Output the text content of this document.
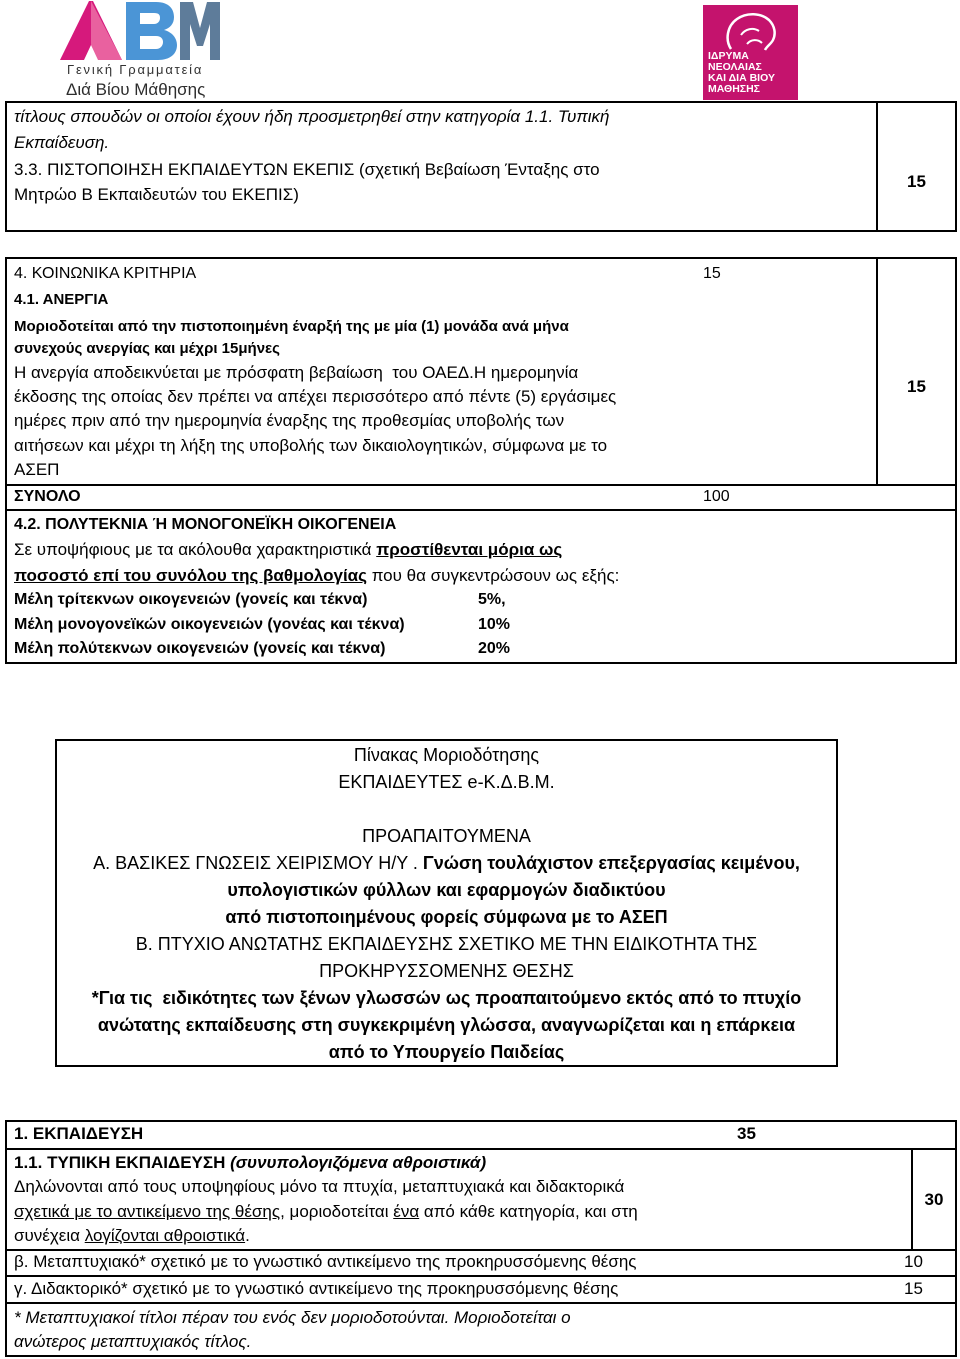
Γενική Γραμματεία
Διά Βίου Μάθησης
ΙΔΡΥΜΑ
ΝΕΟΛΑΙΑΣ
ΚΑΙ ΔΙΑ ΒΙΟΥ
ΜΑΘΗΣΗΣ
τίτλους σπουδών οι οποίοι έχουν ήδη προσμετρηθεί στην κατηγορία 1.1. Τυπική
Εκπαίδευση.
3.3. ΠΙΣΤΟΠΟΙΗΣΗ ΕΚΠΑΙΔΕΥΤΩΝ ΕΚΕΠΙΣ (σχετική Βεβαίωση Ένταξης στο
Μητρώο Β Εκπαιδευτών του ΕΚΕΠΙΣ)
15
4. ΚΟΙΝΩΝΙΚΑ ΚΡΙΤΗΡΙΑ	15
4.1. ΑΝΕΡΓΙΑ
Μοριοδοτείται από την πιστοποιημένη έναρξή της με μία (1) μονάδα ανά μήνα
συνεχούς ανεργίας και μέχρι 15μήνες
Η ανεργία αποδεικνύεται με πρόσφατη βεβαίωση  του ΟΑΕΔ.Η ημερομηνία
έκδοσης της οποίας δεν πρέπει να απέχει περισσότερο από πέντε (5) εργάσιμες
ημέρες πριν από την ημερομηνία έναρξης της προθεσμίας υποβολής των
αιτήσεων και μέχρι τη λήξη της υποβολής των δικαιολογητικών, σύμφωνα με το
ΑΣΕΠ
15
ΣΥΝΟΛΟ	100
4.2. ΠΟΛΥΤΕΚΝΙΑ Ή ΜΟΝΟΓΟΝΕΪΚΗ ΟΙΚΟΓΕΝΕΙΑ
Σε υποψήφιους με τα ακόλουθα χαρακτηριστικά προστίθενται μόρια ως
ποσοστό επί του συνόλου της βαθμολογίας που θα συγκεντρώσουν ως εξής:
Μέλη τρίτεκνων οικογενειών (γονείς και τέκνα)	5%,
Μέλη μονογονεϊκών οικογενειών (γονέας και τέκνα)	10%
Μέλη πολύτεκνων οικογενειών (γονείς και τέκνα)	20%
Πίνακας Μοριοδότησης
ΕΚΠΑΙΔΕΥΤΕΣ e-Κ.Δ.Β.Μ.
ΠΡΟΑΠΑΙΤΟΥΜΕΝΑ
Α. ΒΑΣΙΚΕΣ ΓΝΩΣΕΙΣ ΧΕΙΡΙΣΜΟΥ Η/Υ . Γνώση τουλάχιστον επεξεργασίας κειμένου,
υπολογιστικών φύλλων και εφαρμογών διαδικτύου
από πιστοποιημένους φορείς σύμφωνα με το ΑΣΕΠ
Β. ΠΤΥΧΙΟ ΑΝΩΤΑΤΗΣ ΕΚΠΑΙΔΕΥΣΗΣ ΣΧΕΤΙΚΟ ΜΕ ΤΗΝ ΕΙΔΙΚΟΤΗΤΑ ΤΗΣ
ΠΡΟΚΗΡΥΣΣΟΜΕΝΗΣ ΘΕΣΗΣ
*Για τις  ειδικότητες των ξένων γλωσσών ως προαπαιτούμενο εκτός από το πτυχίο
ανώτατης εκπαίδευσης στη συγκεκριμένη γλώσσα, αναγνωρίζεται και η επάρκεια
από το Υπουργείο Παιδείας
1. ΕΚΠΑΙΔΕΥΣΗ	35
1.1. ΤΥΠΙΚΗ ΕΚΠΑΙΔΕΥΣΗ (συνυπολογιζόμενα αθροιστικά)
Δηλώνονται από τους υποψηφίους μόνο τα πτυχία, μεταπτυχιακά και διδακτορικά
σχετικά με το αντικείμενο της θέσης, μοριοδοτείται ένα από κάθε κατηγορία, και στη
συνέχεια λογίζονται αθροιστικά.
30
β. Μεταπτυχιακό* σχετικό με το γνωστικό αντικείμενο της προκηρυσσόμενης θέσης	10
γ. Διδακτορικό* σχετικό με το γνωστικό αντικείμενο της προκηρυσσόμενης θέσης	15
* Μεταπτυχιακοί τίτλοι πέραν του ενός δεν μοριοδοτούνται. Μοριοδοτείται ο
ανώτερος μεταπτυχιακός τίτλος.
